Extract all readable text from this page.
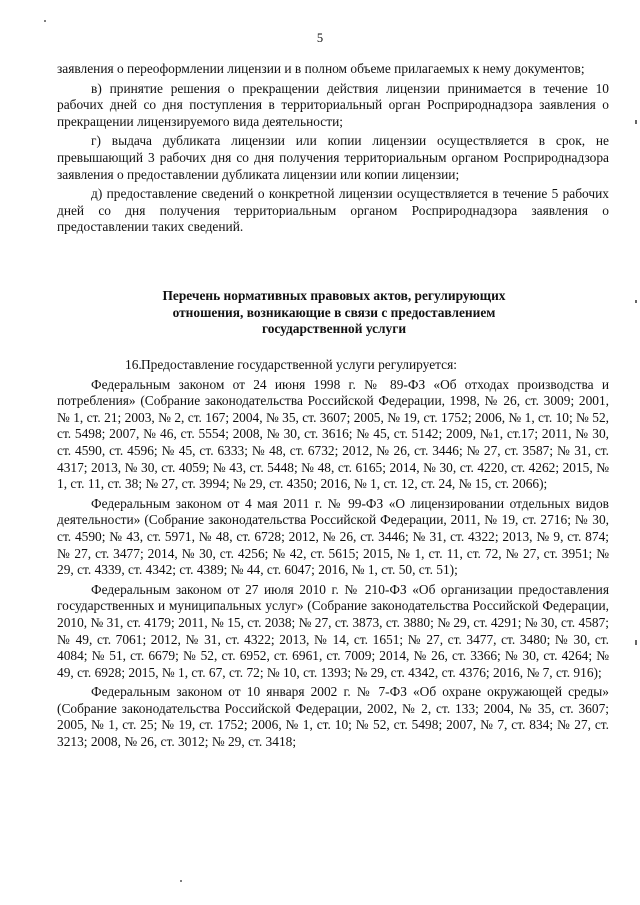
5

заявления о переоформлении лицензии и в полном объеме прилагаемых к нему документов;

в) принятие решения о прекращении действия лицензии принимается в течение 10 рабочих дней со дня поступления в территориальный орган Росприроднадзора заявления о прекращении лицензируемого вида деятельности;

г) выдача дубликата лицензии или копии лицензии осуществляется в срок, не превышающий 3 рабочих дня со дня получения территориальным органом Росприроднадзора заявления о предоставлении дубликата лицензии или копии лицензии;

д) предоставление сведений о конкретной лицензии осуществляется в течение 5 рабочих дней со дня получения территориальным органом Росприроднадзора заявления о предоставлении таких сведений.

Перечень нормативных правовых актов, регулирующих
отношения, возникающие в связи с предоставлением
государственной услуги

16.Предоставление государственной услуги регулируется:

Федеральным законом от 24 июня 1998 г. № 89-ФЗ «Об отходах производства и потребления» (Собрание законодательства Российской Федерации, 1998, № 26, ст. 3009; 2001, № 1, ст. 21; 2003, № 2, ст. 167; 2004, № 35, ст. 3607; 2005, № 19, ст. 1752; 2006, № 1, ст. 10; № 52, ст. 5498; 2007, № 46, ст. 5554; 2008, № 30, ст. 3616; № 45, ст. 5142; 2009, №1, ст.17; 2011, № 30, ст. 4590, ст. 4596; № 45, ст. 6333; № 48, ст. 6732; 2012, № 26, ст. 3446; № 27, ст. 3587; № 31, ст. 4317; 2013, № 30, ст. 4059; № 43, ст. 5448; № 48, ст. 6165; 2014, № 30, ст. 4220, ст. 4262; 2015, № 1, ст. 11, ст. 38; № 27, ст. 3994; № 29, ст. 4350; 2016, № 1, ст. 12, ст. 24, № 15, ст. 2066);

Федеральным законом от 4 мая 2011 г. № 99-ФЗ «О лицензировании отдельных видов деятельности» (Собрание законодательства Российской Федерации, 2011, № 19, ст. 2716; № 30, ст. 4590; № 43, ст. 5971, № 48, ст. 6728; 2012, № 26, ст. 3446; № 31, ст. 4322; 2013, № 9, ст. 874; № 27, ст. 3477; 2014, № 30, ст. 4256; № 42, ст. 5615; 2015, № 1, ст. 11, ст. 72, № 27, ст. 3951; № 29, ст. 4339, ст. 4342; ст. 4389; № 44, ст. 6047; 2016, № 1, ст. 50, ст. 51);

Федеральным законом от 27 июля 2010 г. № 210-ФЗ «Об организации предоставления государственных и муниципальных услуг» (Собрание законодательства Российской Федерации, 2010, № 31, ст. 4179; 2011, № 15, ст. 2038; № 27, ст. 3873, ст. 3880; № 29, ст. 4291; № 30, ст. 4587; № 49, ст. 7061; 2012, № 31, ст. 4322; 2013, № 14, ст. 1651; № 27, ст. 3477, ст. 3480; № 30, ст. 4084; № 51, ст. 6679; № 52, ст. 6952, ст. 6961, ст. 7009; 2014, № 26, ст. 3366; № 30, ст. 4264; № 49, ст. 6928; 2015, № 1, ст. 67, ст. 72; № 10, ст. 1393; № 29, ст. 4342, ст. 4376; 2016, № 7, ст. 916);

Федеральным законом от 10 января 2002 г. № 7-ФЗ «Об охране окружающей среды» (Собрание законодательства Российской Федерации, 2002, № 2, ст. 133; 2004, № 35, ст. 3607; 2005, № 1, ст. 25; № 19, ст. 1752; 2006, № 1, ст. 10; № 52, ст. 5498; 2007, № 7, ст. 834; № 27, ст. 3213; 2008, № 26, ст. 3012; № 29, ст. 3418;
